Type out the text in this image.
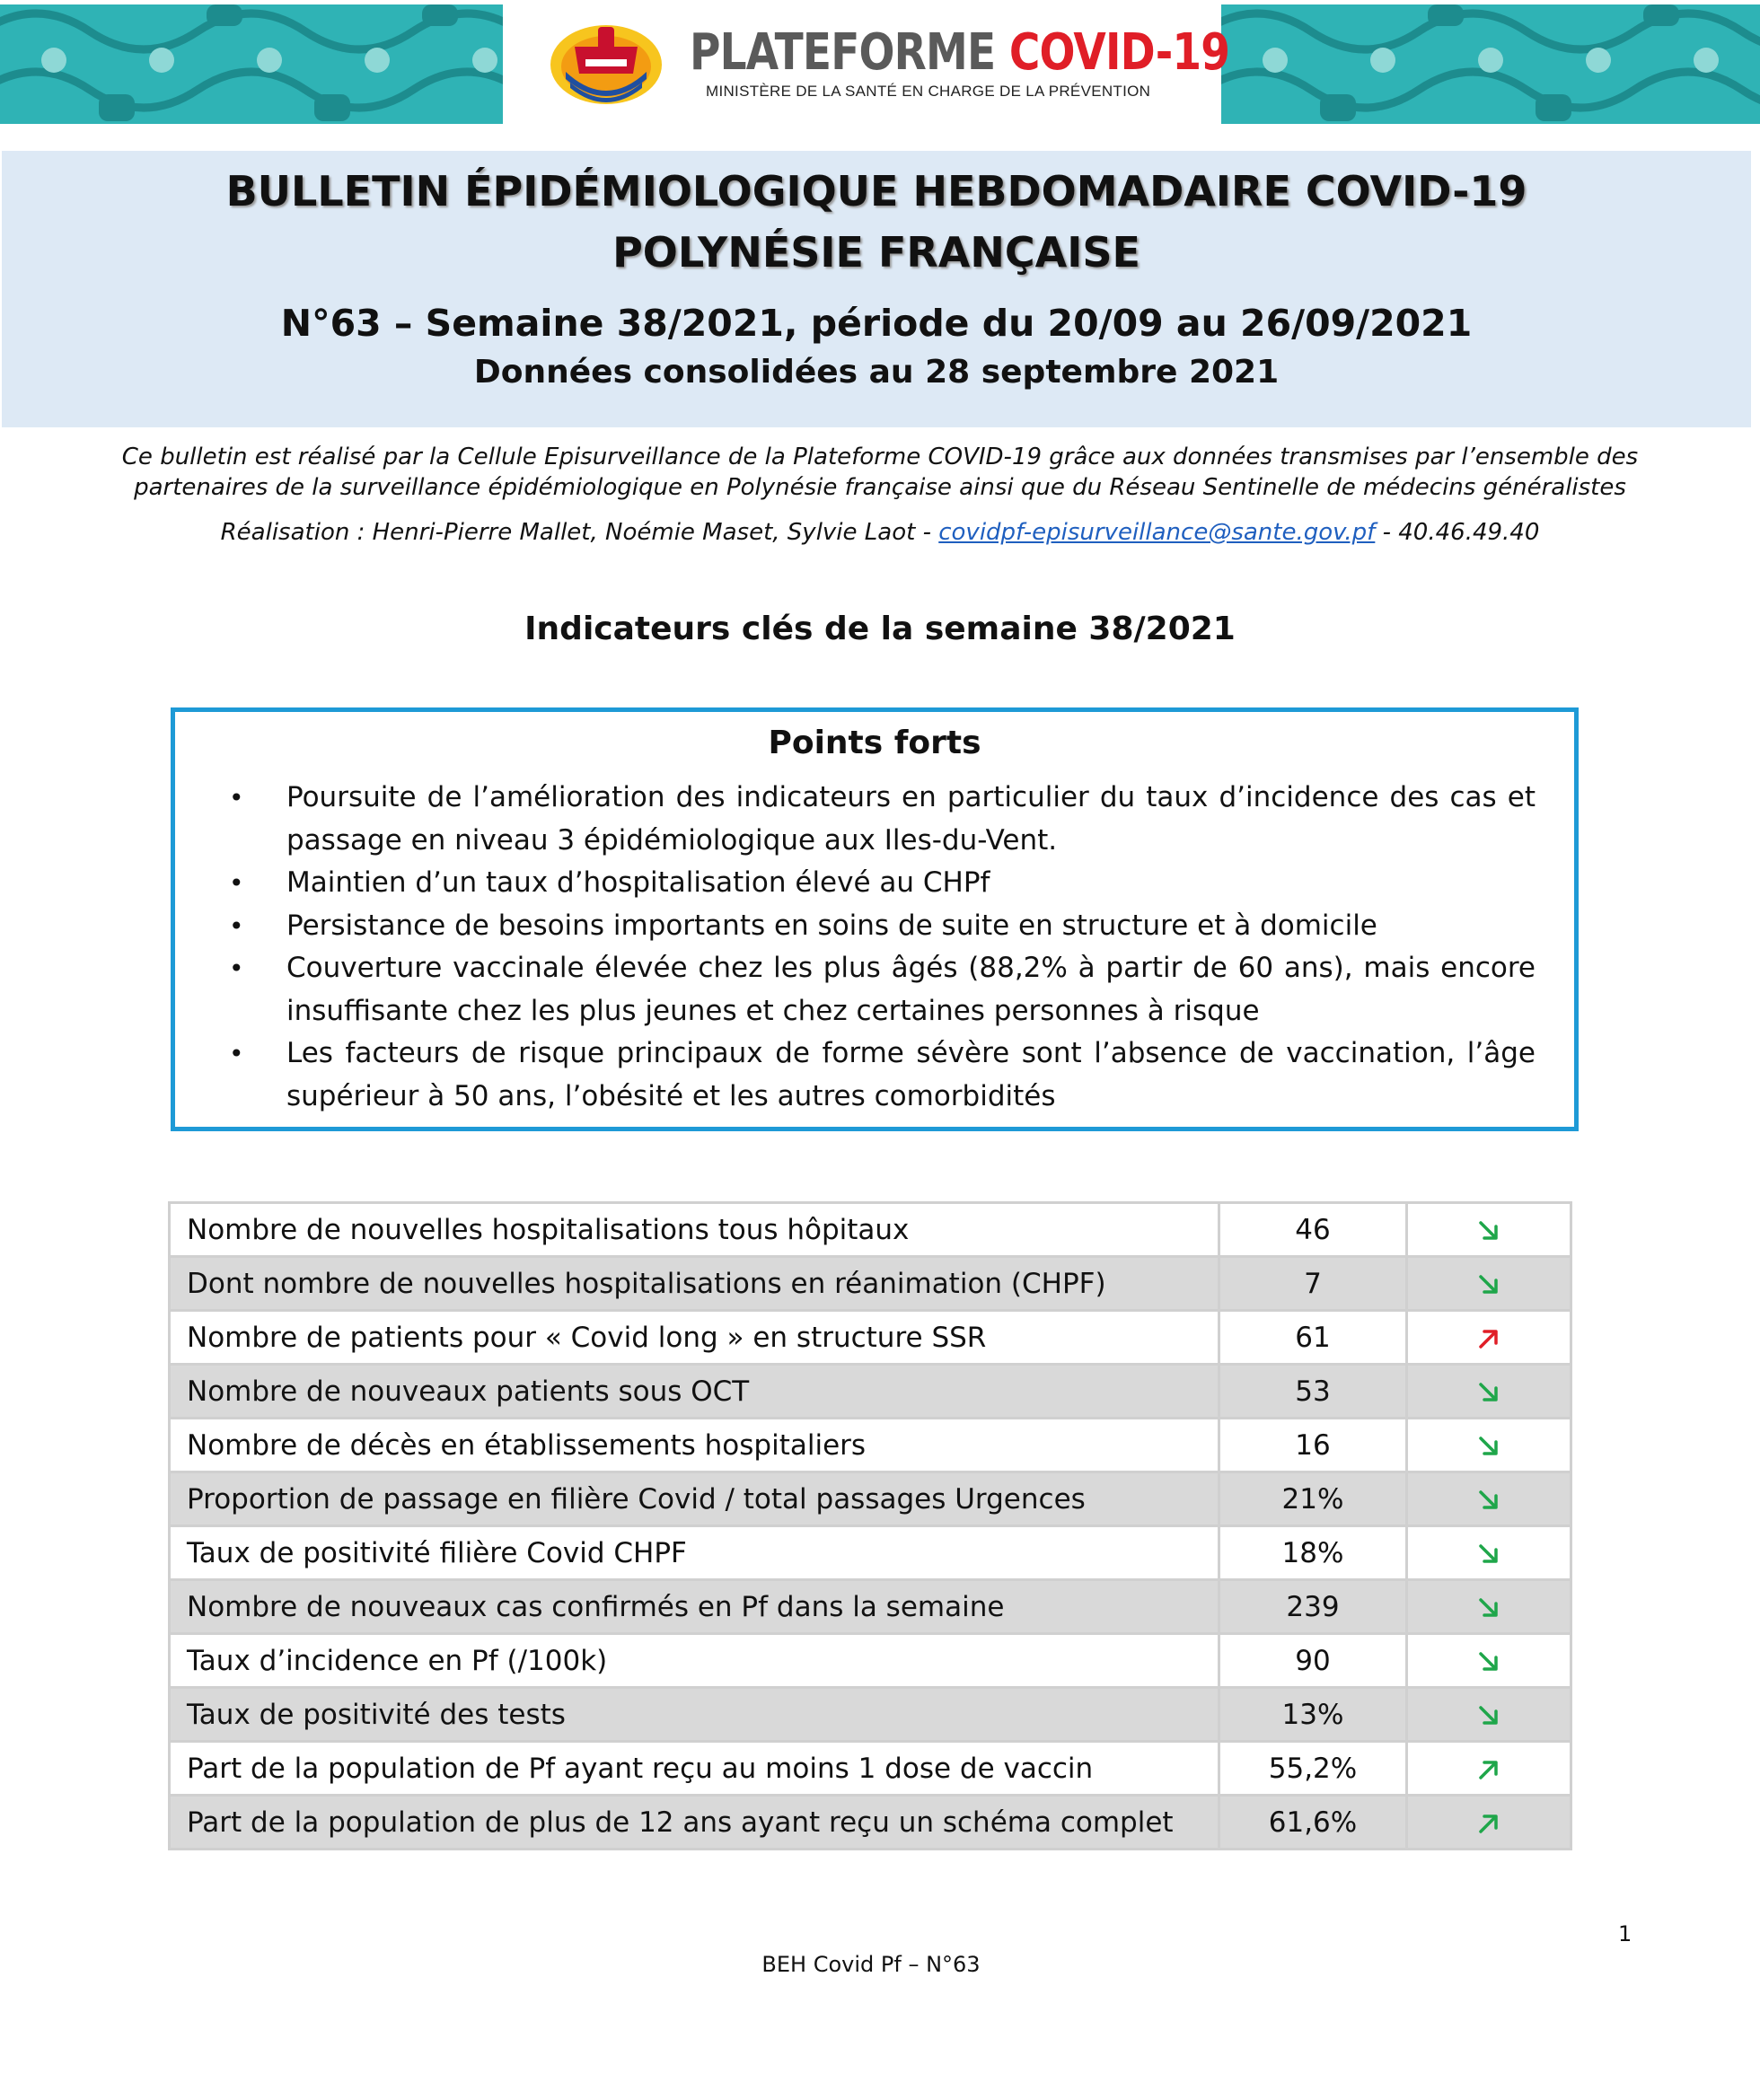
PLATEFORME COVID-19
MINISTÈRE DE LA SANTÉ EN CHARGE DE LA PRÉVENTION
BULLETIN ÉPIDÉMIOLOGIQUE HEBDOMADAIRE COVID-19
POLYNÉSIE FRANÇAISE
N°63 – Semaine 38/2021, période du 20/09 au 26/09/2021
Données consolidées au 28 septembre 2021
Ce bulletin est réalisé par la Cellule Episurveillance de la Plateforme COVID-19 grâce aux données transmises par l’ensemble des partenaires de la surveillance épidémiologique en Polynésie française ainsi que du Réseau Sentinelle de médecins généralistes
Réalisation : Henri-Pierre Mallet, Noémie Maset, Sylvie Laot - covidpf-episurveillance@sante.gov.pf - 40.46.49.40
Indicateurs clés de la semaine 38/2021
Points forts
• Poursuite de l’amélioration des indicateurs en particulier du taux d’incidence des cas et passage en niveau 3 épidémiologique aux Iles-du-Vent.
• Maintien d’un taux d’hospitalisation élevé au CHPf
• Persistance de besoins importants en soins de suite en structure et à domicile
• Couverture vaccinale élevée chez les plus âgés (88,2% à partir de 60 ans), mais encore insuffisante chez les plus jeunes et chez certaines personnes à risque
• Les facteurs de risque principaux de forme sévère sont l’absence de vaccination, l’âge supérieur à 50 ans, l’obésité et les autres comorbidités
Nombre de nouvelles hospitalisations tous hôpitaux	46	
Dont nombre de nouvelles hospitalisations en réanimation (CHPF)	7	
Nombre de patients pour « Covid long » en structure SSR	61	
Nombre de nouveaux patients sous OCT	53	
Nombre de décès en établissements hospitaliers	16	
Proportion de passage en filière Covid / total passages Urgences	21%	
Taux de positivité filière Covid CHPF	18%	
Nombre de nouveaux cas confirmés en Pf dans la semaine	239	
Taux d’incidence en Pf (/100k)	90	
Taux de positivité des tests	13%	
Part de la population de Pf ayant reçu au moins 1 dose de vaccin	55,2%	
Part de la population de plus de 12 ans ayant reçu un schéma complet	61,6%	
1
BEH Covid Pf – N°63
